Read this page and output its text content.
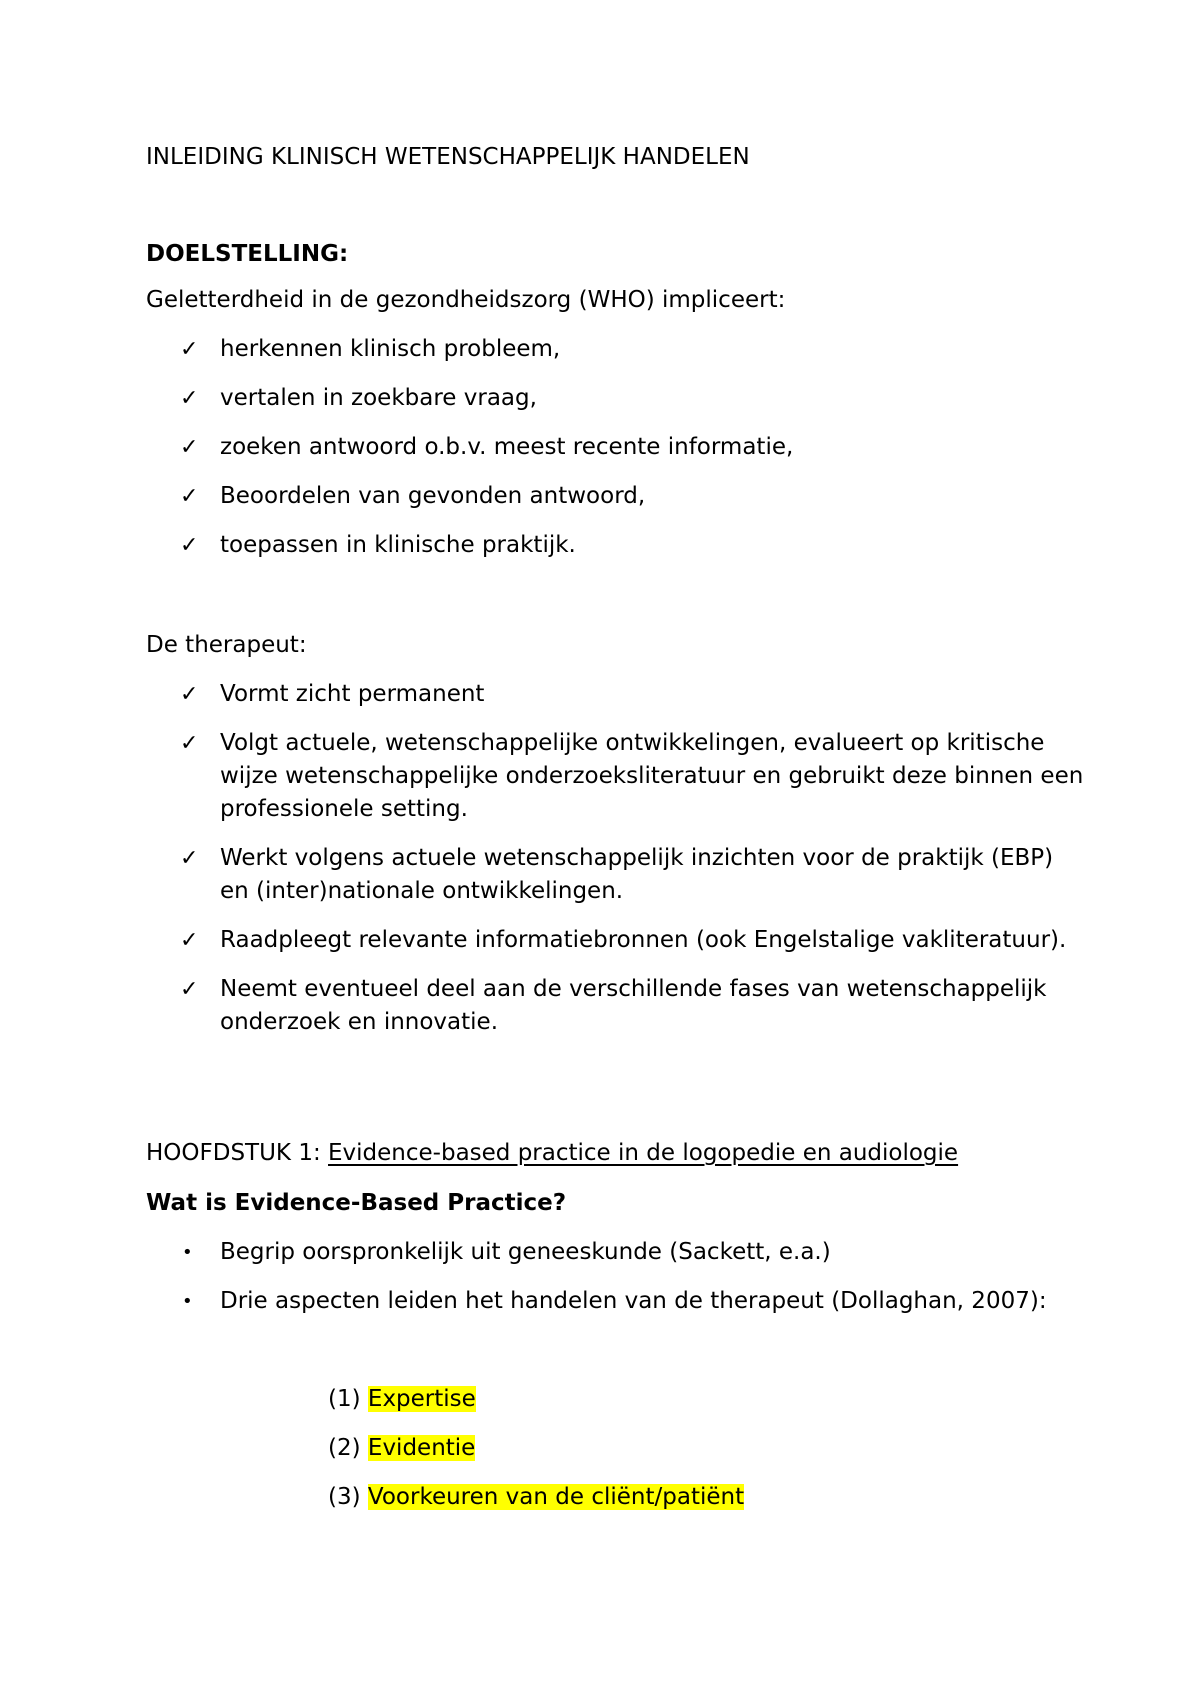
INLEIDING KLINISCH WETENSCHAPPELIJK HANDELEN
DOELSTELLING:

Geletterdheid in de gezondheidszorg (WHO) impliceert:

✓ herkennen klinisch probleem,
✓ vertalen in zoekbare vraag,
✓ zoeken antwoord o.b.v. meest recente informatie,
✓ Beoordelen van gevonden antwoord,
✓ toepassen in klinische praktijk.

De therapeut:

✓ Vormt zicht permanent
✓ Volgt actuele, wetenschappelijke ontwikkelingen, evalueert op kritische wijze wetenschappelijke onderzoeksliteratuur en gebruikt deze binnen een professionele setting.
✓ Werkt volgens actuele wetenschappelijk inzichten voor de praktijk (EBP) en (inter)nationale ontwikkelingen.
✓ Raadpleegt relevante informatiebronnen (ook Engelstalige vakliteratuur).
✓ Neemt eventueel deel aan de verschillende fases van wetenschappelijk onderzoek en innovatie.

HOOFDSTUK 1: Evidence-based practice in de logopedie en audiologie

Wat is Evidence-Based Practice?
•	Begrip oorspronkelijk uit geneeskunde (Sackett, e.a.)
•	Drie aspecten leiden het handelen van de therapeut (Dollaghan, 2007):
(1) Expertise
(2) Evidentie
(3) Voorkeuren van de cliënt/patiënt
